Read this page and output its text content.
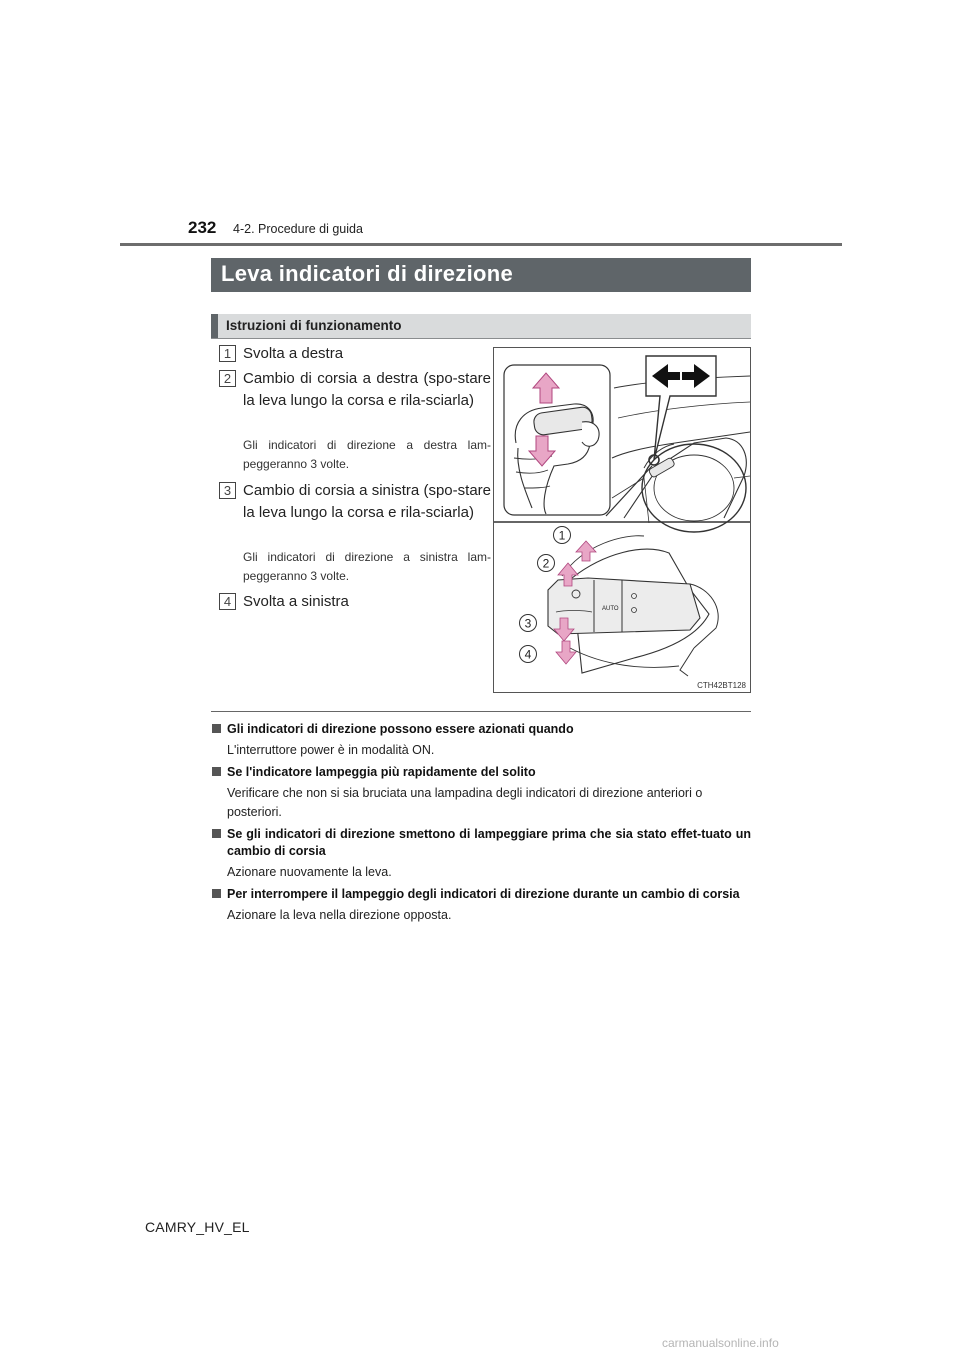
232 4-2. Procedure di guida
Leva indicatori di direzione
Istruzioni di funzionamento
1 Svolta a destra
2 Cambio di corsia a destra (spo-stare la leva lungo la corsa e rila-sciarla)
Gli indicatori di direzione a destra lam-peggeranno 3 volte.
3 Cambio di corsia a sinistra (spo-stare la leva lungo la corsa e rila-sciarla)
Gli indicatori di direzione a sinistra lam-peggeranno 3 volte.
4 Svolta a sinistra	AUTO
1
2
3
4
CTH42BT128
Gli indicatori di direzione possono essere azionati quando
L'interruttore power è in modalità ON.
Se l'indicatore lampeggia più rapidamente del solito
Verificare che non si sia bruciata una lampadina degli indicatori di direzione anteriori o posteriori.
Se gli indicatori di direzione smettono di lampeggiare prima che sia stato effet-tuato un cambio di corsia
Azionare nuovamente la leva.
Per interrompere il lampeggio degli indicatori di direzione durante un cambio di corsia
Azionare la leva nella direzione opposta.
CAMRY_HV_EL
carmanualsonline.info
